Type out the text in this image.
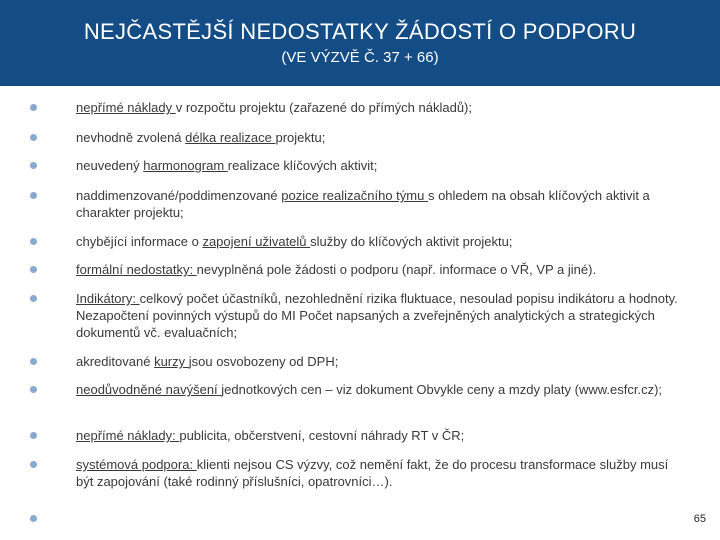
NEJČASTĚJŠÍ NEDOSTATKY ŽÁDOSTÍ O PODPORU
(VE VÝZVĚ Č. 37 + 66)
nepřímé náklady v rozpočtu projektu (zařazené do přímých nákladů);
nevhodně zvolená délka realizace projektu;
neuvedený harmonogram realizace klíčových aktivit;
naddimenzované/poddimenzované pozice realizačního týmu s ohledem na obsah klíčových aktivit a charakter projektu;
chybějící informace o zapojení uživatelů služby do klíčových aktivit projektu;
formální nedostatky: nevyplněná pole žádosti o podporu (např. informace o VŘ, VP a jiné).
Indikátory: celkový počet účastníků, nezohlednění rizika fluktuace, nesoulad popisu indikátoru a hodnoty. Nezapočtení povinných výstupů do MI Počet napsaných a zveřejněných analytických a strategických dokumentů vč. evaluačních;
akreditované kurzy jsou osvobozeny od DPH;
neodůvodněné navýšení jednotkových cen – viz dokument Obvykle ceny a mzdy platy (www.esfcr.cz);
nepřímé náklady: publicita, občerstvení, cestovní náhrady RT v ČR;
systémová podpora: klienti nejsou CS výzvy, což nemění fakt, že do procesu transformace služby musí být zapojování (také rodinný příslušníci, opatrovníci…).
65
